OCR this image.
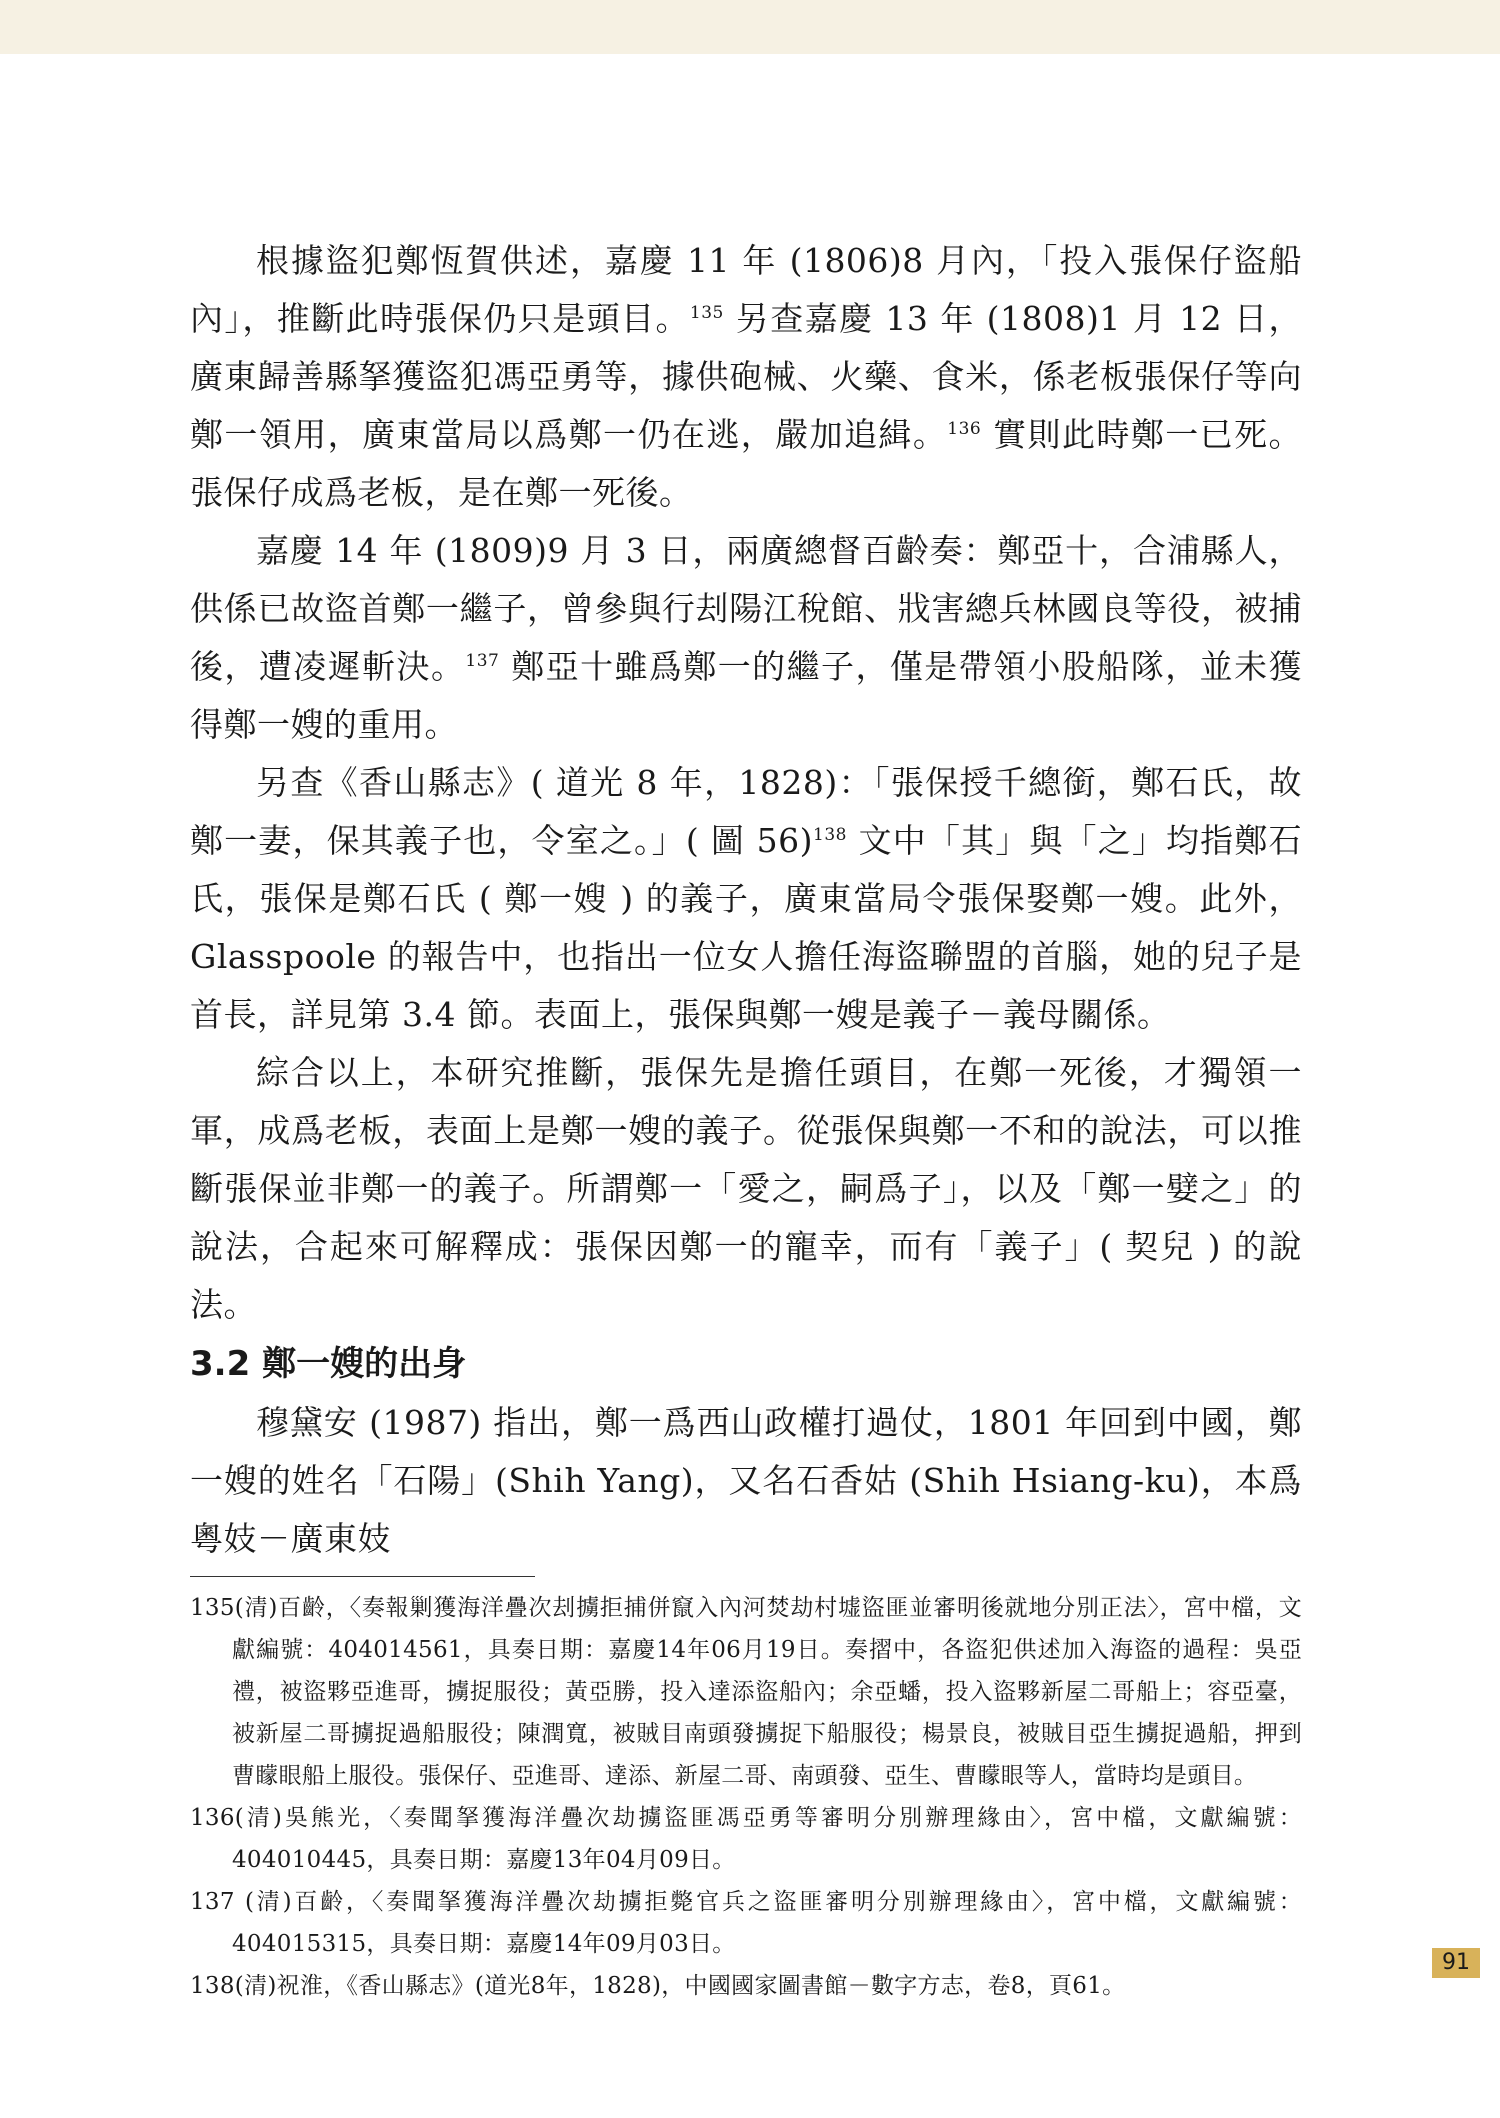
根據盜犯鄭恆賀供述，嘉慶 11 年 (1806)8 月內，「投入張保仔盜船內」，推斷此時張保仍只是頭目。$^{135}$ 另查嘉慶 13 年 (1808)1 月 12 日，廣東歸善縣拏獲盜犯馮亞勇等，據供砲械、火藥、食米，係老板張保仔等向鄭一領用，廣東當局以爲鄭一仍在逃，嚴加追緝。$^{136}$ 實則此時鄭一已死。張保仔成爲老板，是在鄭一死後。

嘉慶 14 年 (1809)9 月 3 日，兩廣總督百齡奏：鄭亞十，合浦縣人，供係已故盜首鄭一繼子，曾參與行刦陽江稅館、戕害總兵林國良等役，被捕後，遭凌遲斬決。$^{137}$ 鄭亞十雖爲鄭一的繼子，僅是帶領小股船隊，並未獲得鄭一嫂的重用。

另查《香山縣志》( 道光 8 年，1828)：「張保授千總銜，鄭石氏，故鄭一妻，保其義子也，令室之。」( 圖 56)$^{138}$ 文中「其」與「之」均指鄭石氏，張保是鄭石氏 ( 鄭一嫂 ) 的義子，廣東當局令張保娶鄭一嫂。此外，Glasspoole 的報告中，也指出一位女人擔任海盜聯盟的首腦，她的兒子是首長，詳見第 3.4 節。表面上，張保與鄭一嫂是義子－義母關係。

綜合以上，本研究推斷，張保先是擔任頭目，在鄭一死後，才獨領一軍，成爲老板，表面上是鄭一嫂的義子。從張保與鄭一不和的說法，可以推斷張保並非鄭一的義子。所謂鄭一「愛之，嗣爲子」，以及「鄭一嬖之」的說法，合起來可解釋成：張保因鄭一的寵幸，而有「義子」( 契兒 ) 的說法。

3.2 鄭一嫂的出身

穆黛安 (1987) 指出，鄭一爲西山政權打過仗，1801 年回到中國，鄭一嫂的姓名「石陽」(Shih Yang)，又名石香姑 (Shih Hsiang-ku)，本爲粵妓－廣東妓

135(清)百齡，〈奏報剿獲海洋疊次刦擄拒捕併竄入內河焚劫村墟盜匪並審明後就地分別正法〉，宮中檔，文獻編號：404014561，具奏日期：嘉慶14年06月19日。奏摺中，各盜犯供述加入海盜的過程：吳亞禮，被盜夥亞進哥，擄捉服役；黃亞勝，投入達添盜船內；余亞蟠，投入盜夥新屋二哥船上；容亞臺，被新屋二哥擄捉過船服役；陳潤寬，被賊目南頭發擄捉下船服役；楊景良，被賊目亞生擄捉過船，押到曹矇眼船上服役。張保仔、亞進哥、達添、新屋二哥、南頭發、亞生、曹矇眼等人，當時均是頭目。

136(清)吳熊光，〈奏聞拏獲海洋疊次劫擄盜匪馮亞勇等審明分別辦理緣由〉，宮中檔，文獻編號：404010445，具奏日期：嘉慶13年04月09日。

137 (清)百齡，〈奏聞拏獲海洋疊次劫擄拒斃官兵之盜匪審明分別辦理緣由〉，宮中檔，文獻編號：404015315，具奏日期：嘉慶14年09月03日。

138(清)祝淮，《香山縣志》(道光8年，1828)，中國國家圖書館－數字方志，卷8，頁61。

91
